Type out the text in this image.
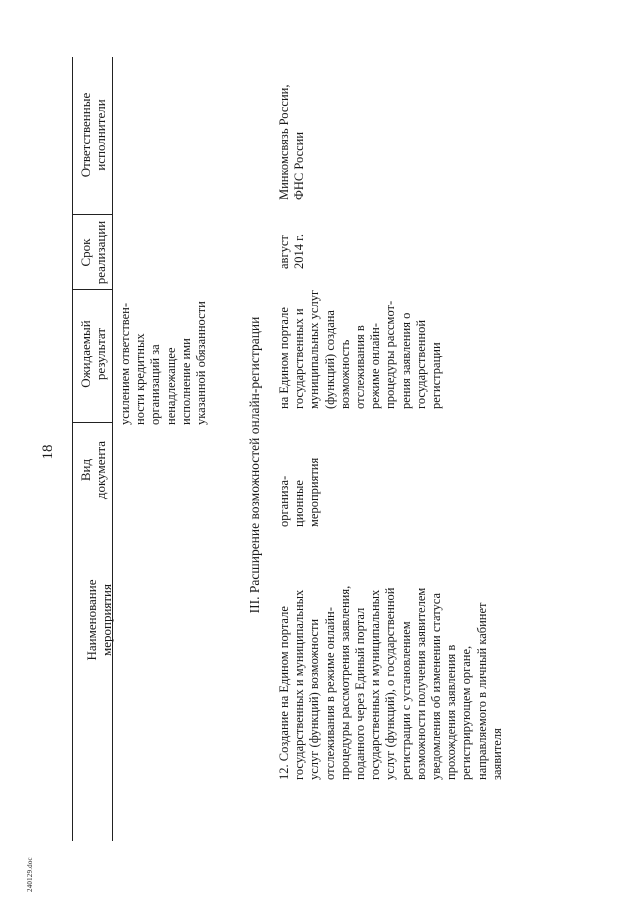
18
Наименование мероприятия
Вид
документа
Ожидаемый
результат
Срок
реализации
Ответственные
исполнители
усилением ответствен-
ности кредитных
организаций за
ненадлежащее
исполнение ими
указанной обязанности	III. Расширение возможностей онлайн-регистрации
12. Создание на Едином портале
государственных и муниципальных
услуг (функций) возможности
отслеживания в режиме онлайн-
процедуры рассмотрения заявления,
поданного через Единый портал
государственных и муниципальных
услуг (функций), о государственной
регистрации с установлением
возможности получения заявителем
уведомления об изменении статуса
прохождения заявления в
регистрирующем органе,
направляемого в личный кабинет
заявителя
организа-
ционные
мероприятия
на Едином портале
государственных и
муниципальных услуг
(функций) создана
возможность
отслеживания в
режиме онлайн-
процедуры рассмот-
рения заявления о
государственной
регистрации
август
2014 г.
Минкомсвязь России,
ФНС России
240129.doc
